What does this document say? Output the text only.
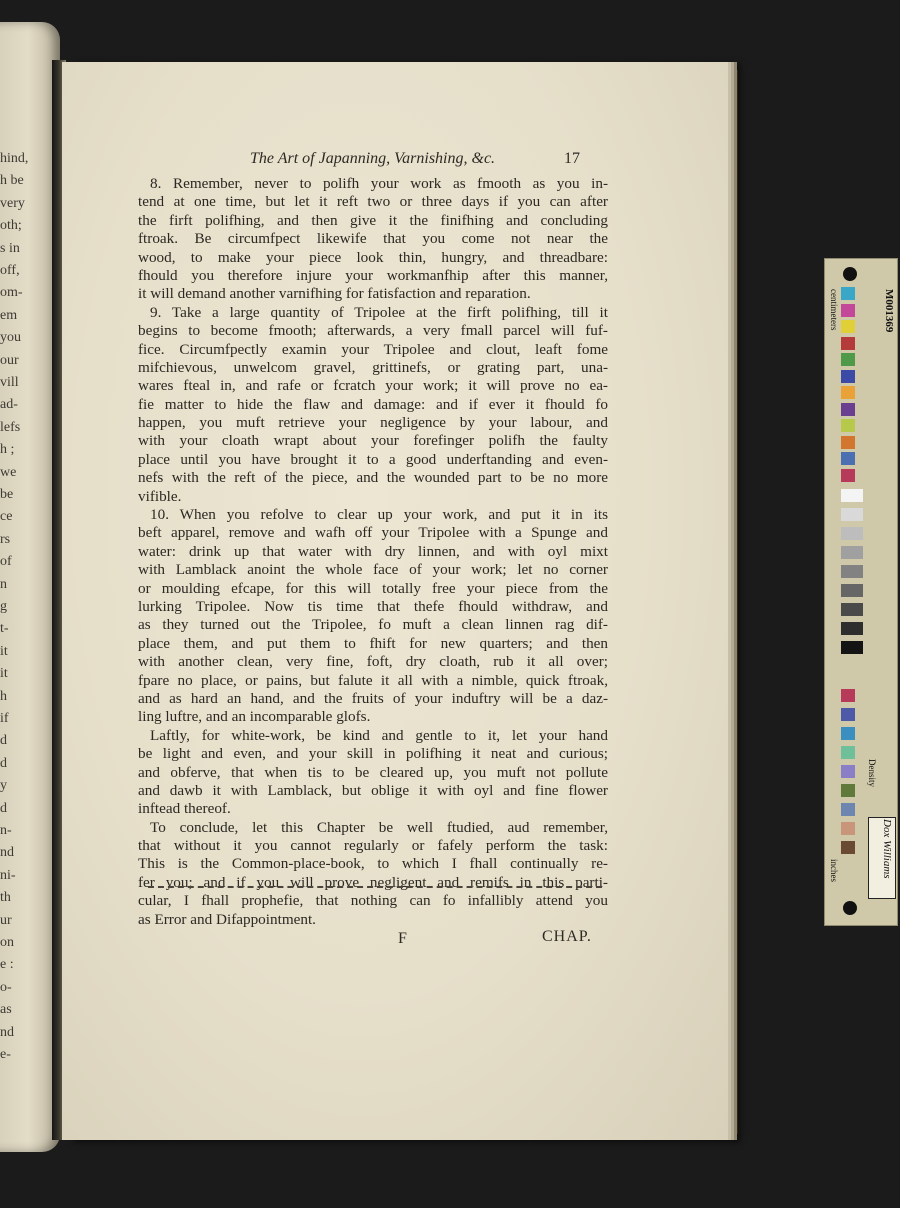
hind,
h be
very
oth;
s in
off,
om-
em
you
our
vill
ad-
lefs
h ;
we
be
ce
rs
of
n
g
t-
it
it
h
if
d
d
y
d
n-
nd
ni-
th
ur
on
e :
o-
as
nd
e-
The Art of Japanning, Varnishing, &c.	17
8. Remember, never to polifh your work as fmooth as you in-
tend at one time, but let it reft two or three days if you can after
the firft polifhing, and then give it the finifhing and concluding
ftroak. Be circumfpect likewife that you come not near the
wood, to make your piece look thin, hungry, and threadbare:
fhould you therefore injure your workmanfhip after this manner,
it will demand another varnifhing for fatisfaction and reparation.
9. Take a large quantity of Tripolee at the firft polifhing, till it
begins to become fmooth; afterwards, a very fmall parcel will fuf-
fice. Circumfpectly examin your Tripolee and clout, leaft fome
mifchievous, unwelcom gravel, grittinefs, or grating part, una-
wares fteal in, and rafe or fcratch your work; it will prove no ea-
fie matter to hide the flaw and damage: and if ever it fhould fo
happen, you muft retrieve your negligence by your labour, and
with your cloath wrapt about your forefinger polifh the faulty
place until you have brought it to a good underftanding and even-
nefs with the reft of the piece, and the wounded part to be no more
vifible.
10. When you refolve to clear up your work, and put it in its
beft apparel, remove and wafh off your Tripolee with a Spunge and
water: drink up that water with dry linnen, and with oyl mixt
with Lamblack anoint the whole face of your work; let no corner
or moulding efcape, for this will totally free your piece from the
lurking Tripolee. Now tis time that thefe fhould withdraw, and
as they turned out the Tripolee, fo muft a clean linnen rag dif-
place them, and put them to fhift for new quarters; and then
with another clean, very fine, foft, dry cloath, rub it all over;
fpare no place, or pains, but falute it all with a nimble, quick ftroak,
and as hard an hand, and the fruits of your induftry will be a daz-
ling luftre, and an incomparable glofs.
Laftly, for white-work, be kind and gentle to it, let your hand
be light and even, and your skill in polifhing it neat and curious;
and obferve, that when tis to be cleared up, you muft not pollute
and dawb it with Lamblack, but oblige it with oyl and fine flower
inftead thereof.
To conclude, let this Chapter be well ftudied, aud remember,
that without it you cannot regularly or fafely perform the task:
This is the Common-place-book, to which I fhall continually re-
fer you; and if you will prove negligent and remifs in this parti-
cular, I fhall prophefie, that nothing can fo infallibly attend you
as Error and Difappointment.
F	CHAP.
centimeters
inches
M001369
Density
Dox Williams
